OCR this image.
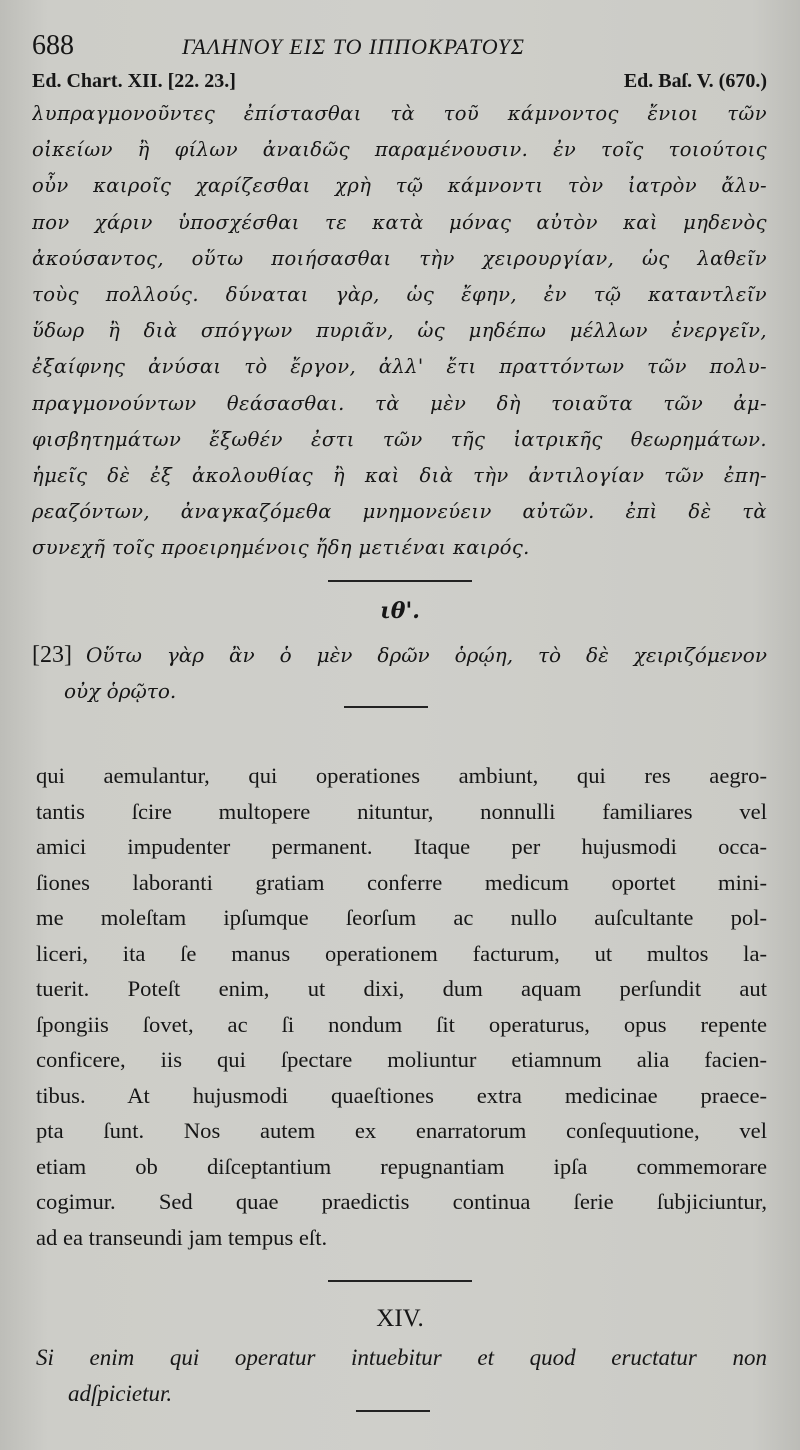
688	ΓΑΛΗΝΟΥ ΕΙΣ ΤΟ ΙΠΠΟΚΡΑΤΟΥΣ
Ed. Chart. XII. [22. 23.]	Ed. Baſ. V. (670.)
λυπραγμονοῦντες ἐπίστασθαι τὰ τοῦ κάμνοντος ἔνιοι τῶν
οἰκείων ἢ φίλων ἀναιδῶς παραμένουσιν. ἐν τοῖς τοιούτοις
οὖν καιροῖς χαρίζεσθαι χρὴ τῷ κάμνοντι τὸν ἰατρὸν ἄλυ-
πον χάριν ὑποσχέσθαι τε κατὰ μόνας αὐτὸν καὶ μηδενὸς
ἀκούσαντος, οὕτω ποιήσασθαι τὴν χειρουργίαν, ὡς λαθεῖν
τοὺς πολλούς. δύναται γὰρ, ὡς ἔφην, ἐν τῷ καταντλεῖν
ὕδωρ ἢ διὰ σπόγγων πυριᾶν, ὡς μηδέπω μέλλων ἐνεργεῖν,
ἐξαίφνης ἀνύσαι τὸ ἔργον, ἀλλ' ἔτι πραττόντων τῶν πολυ-
πραγμονούντων θεάσασθαι. τὰ μὲν δὴ τοιαῦτα τῶν ἀμ-
φισβητημάτων ἔξωθέν ἐστι τῶν τῆς ἰατρικῆς θεωρημάτων.
ἡμεῖς δὲ ἐξ ἀκολουθίας ἢ καὶ διὰ τὴν ἀντιλογίαν τῶν ἐπη-
ρεαζόντων, ἀναγκαζόμεθα μνημονεύειν αὐτῶν. ἐπὶ δὲ τὰ
συνεχῆ τοῖς προειρημένοις ἤδη μετιέναι καιρός.
ιθ'.
[23] Οὕτω γὰρ ἂν ὁ μὲν δρῶν ὁρῴη, τὸ δὲ χειριζόμενον
οὐχ ὁρῷτο.
qui aemulantur, qui operationes ambiunt, qui res aegro-
tantis ſcire multopere nituntur, nonnulli familiares vel
amici impudenter permanent. Itaque per hujusmodi occa-
ſiones laboranti gratiam conferre medicum oportet mini-
me moleſtam ipſumque ſeorſum ac nullo auſcultante pol-
liceri, ita ſe manus operationem facturum, ut multos la-
tuerit. Poteſt enim, ut dixi, dum aquam perſundit aut
ſpongiis ſovet, ac ſi nondum ſit operaturus, opus repente
conficere, iis qui ſpectare moliuntur etiamnum alia facien-
tibus. At hujusmodi quaeſtiones extra medicinae praece-
pta ſunt. Nos autem ex enarratorum conſequutione, vel
etiam ob diſceptantium repugnantiam ipſa commemorare
cogimur. Sed quae praedictis continua ſerie ſubjiciuntur,
ad ea transeundi jam tempus eſt.
XIV.
Si enim qui operatur intuebitur et quod eructatur non
adſpicietur.
